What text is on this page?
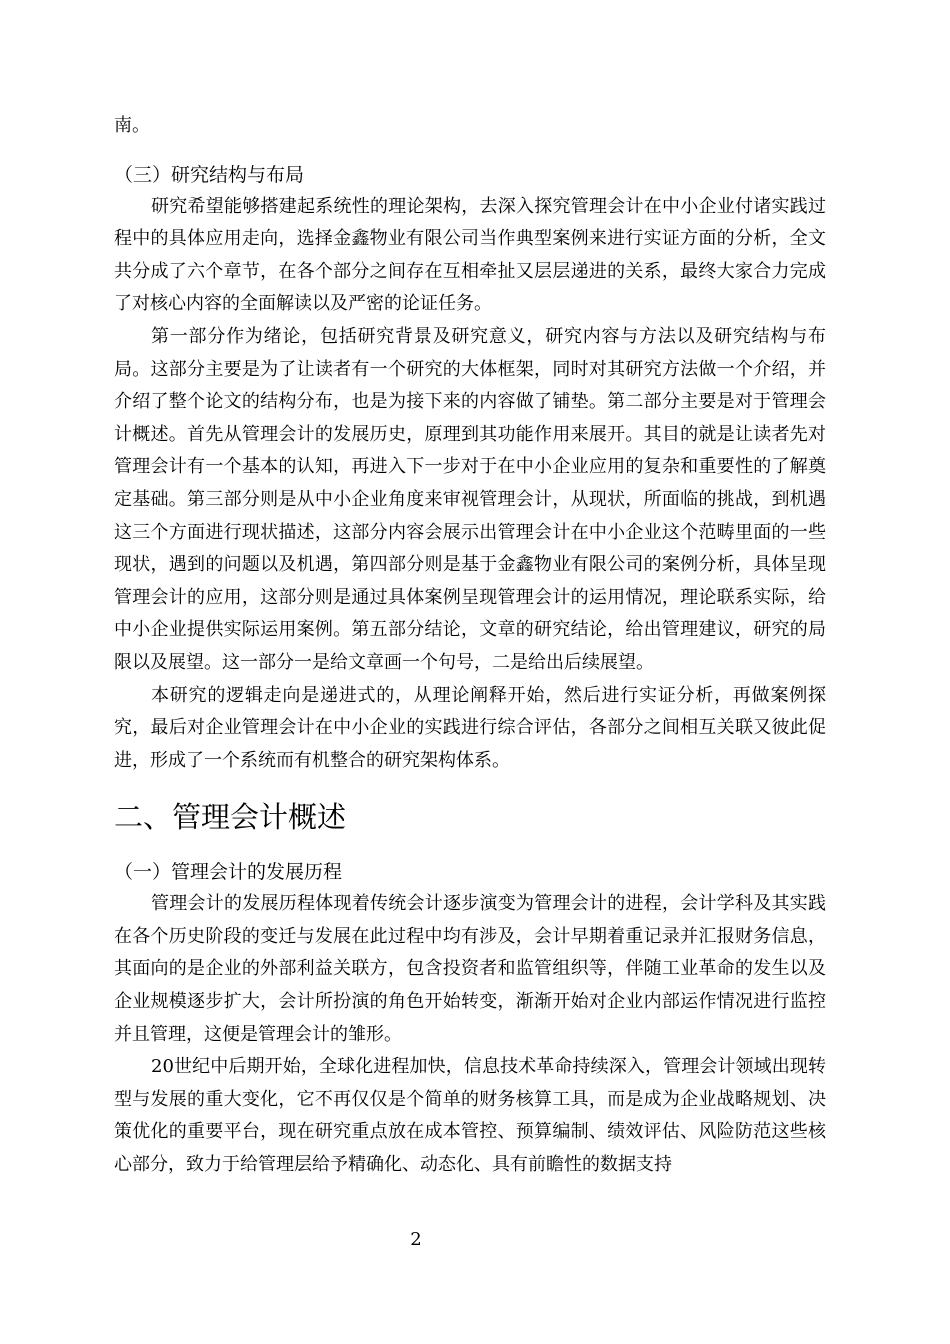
南。

（三）研究结构与布局

研究希望能够搭建起系统性的理论架构，去深入探究管理会计在中小企业付诸实践过程中的具体应用走向，选择金鑫物业有限公司当作典型案例来进行实证方面的分析，全文共分成了六个章节，在各个部分之间存在互相牵扯又层层递进的关系，最终大家合力完成了对核心内容的全面解读以及严密的论证任务。

第一部分作为绪论，包括研究背景及研究意义，研究内容与方法以及研究结构与布局。这部分主要是为了让读者有一个研究的大体框架，同时对其研究方法做一个介绍，并介绍了整个论文的结构分布，也是为接下来的内容做了铺垫。第二部分主要是对于管理会计概述。首先从管理会计的发展历史，原理到其功能作用来展开。其目的就是让读者先对管理会计有一个基本的认知，再进入下一步对于在中小企业应用的复杂和重要性的了解奠定基础。第三部分则是从中小企业角度来审视管理会计，从现状，所面临的挑战，到机遇这三个方面进行现状描述，这部分内容会展示出管理会计在中小企业这个范畴里面的一些现状，遇到的问题以及机遇，第四部分则是基于金鑫物业有限公司的案例分析，具体呈现管理会计的应用，这部分则是通过具体案例呈现管理会计的运用情况，理论联系实际，给中小企业提供实际运用案例。第五部分结论，文章的研究结论，给出管理建议，研究的局限以及展望。这一部分一是给文章画一个句号，二是给出后续展望。

本研究的逻辑走向是递进式的，从理论阐释开始，然后进行实证分析，再做案例探究，最后对企业管理会计在中小企业的实践进行综合评估，各部分之间相互关联又彼此促进，形成了一个系统而有机整合的研究架构体系。

二、管理会计概述
（一）管理会计的发展历程

管理会计的发展历程体现着传统会计逐步演变为管理会计的进程，会计学科及其实践在各个历史阶段的变迁与发展在此过程中均有涉及，会计早期着重记录并汇报财务信息，其面向的是企业的外部利益关联方，包含投资者和监管组织等，伴随工业革命的发生以及企业规模逐步扩大，会计所扮演的角色开始转变，渐渐开始对企业内部运作情况进行监控并且管理，这便是管理会计的雏形。

20世纪中后期开始，全球化进程加快，信息技术革命持续深入，管理会计领域出现转型与发展的重大变化，它不再仅仅是个简单的财务核算工具，而是成为企业战略规划、决策优化的重要平台，现在研究重点放在成本管控、预算编制、绩效评估、风险防范这些核心部分，致力于给管理层给予精确化、动态化、具有前瞻性的数据支持

2
